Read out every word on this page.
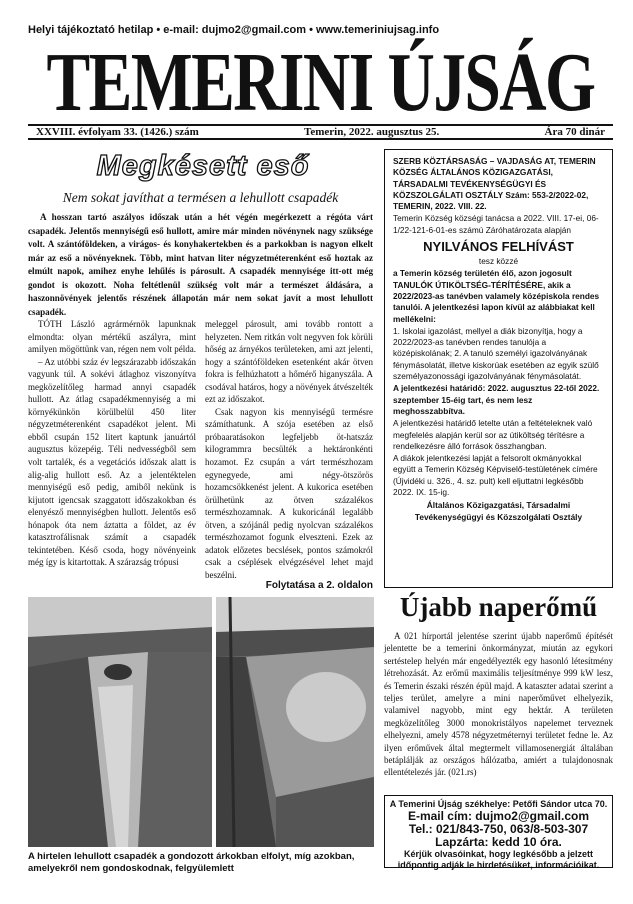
Helyi tájékoztató hetilap • e-mail: dujmo2@gmail.com • www.temeriniujsag.info
TEMERINI ÚJSÁG
XXVIII. évfolyam 33. (1426.) szám	Temerin, 2022. augusztus 25.	Ára 70 dinár
Megkésett eső
Nem sokat javíthat a termésen a lehullott csapadék
A hosszan tartó aszályos időszak után a hét végén megérkezett a régóta várt csapadék. Jelentős mennyiségű eső hullott, amire már minden növénynek nagy szüksége volt. A szántóföldeken, a virágos- és konyhakertekben és a parkokban is nagyon elkelt már az eső a növényeknek. Több, mint hatvan liter négyzetméterenként eső hoztak az elmúlt napok, amihez enyhe lehűlés is párosult. A csapadék mennyisége itt-ott még gondot is okozott. Noha feltétlenül szükség volt már a természet áldására, a haszonnövények jelentős részének állapotán már nem sokat javít a most lehullott csapadék.

TÓTH László agrármérnök lapunknak elmondta: olyan mértékű aszályra, mint amilyen mögöttünk van, régen nem volt példa.

– Az utóbbi száz év legszárazabb időszakán vagyunk túl. A sokévi átlaghoz viszonyítva megközelítőleg harmad annyi csapadék hullott. Az átlag csapadékmennyiség a mi környékünkön körülbelül 450 liter négyzetméterenként csapadékot jelent. Mi ebből csupán 152 litert kaptunk januártól augusztus közepéig. Téli nedvességből sem volt tartalék, és a vegetációs időszak alatt is alig-alig hullott eső. Az a jelentéktelen mennyiségű eső pedig, amiből nekünk is kijutott igencsak szaggatott időszakokban és elenyésző mennyiségben hullott. Jelentős eső hónapok óta nem áztatta a földet, az év katasztrofálisnak számít a csapadék tekintetében. Késő csoda, hogy növényeink még így is kitartottak. A szárazság trópusi

meleggel párosult, ami tovább rontott a helyzeten. Nem ritkán volt negyven fok körüli hőség az árnyékos területeken, ami azt jelenti, hogy a szántóföldeken esetenként akár ötven fokra is felhúzhatott a hőmérő higanyszála. A csodával határos, hogy a növények átvészelték ezt az időszakot.

Csak nagyon kis mennyiségű termésre számíthatunk. A szója esetében az első próbaaratásokon legfeljebb öt-hatszáz kilogrammra becsülték a hektáronkénti hozamot. Ez csupán a várt természhozam egynegyede, ami négy-ötszörös hozamcsökkenést jelent. A kukorica esetében örülhetünk az ötven százalékos természhozamnak. A kukoricánál legalább ötven, a szójánál pedig nyolcvan százalékos természhozamot fogunk elveszteni. Ezek az adatok előzetes becslések, pontos számokról csak a cséplések elvégzésével lehet majd beszélni.

Folytatása a 2. oldalon
A hirtelen lehullott csapadék a gondozott árkokban elfolyt, míg azokban, amelyekről nem gondoskodnak, felgyülemlett

SZERB KÖZTÁRSASÁG – VAJDASÁG AT, TEMERIN KÖZSÉG ÁLTALÁNOS KÖZIGAZGATÁSI, TÁRSADALMI TEVÉKENYSÉGÜGYI ÉS KÖZSZOLGÁLATI OSZTÁLY Szám: 553-2/2022-02, TEMERIN, 2022. VIII. 22.

Temerin Község községi tanácsa a 2022. VIII. 17-ei, 06-1/22-121-6-01-es számú Záróhatározata alapján

NYILVÁNOS FELHÍVÁST

tesz közzé

a Temerin község területén élő, azon jogosult TANULÓK ÚTIKÖLTSÉG-TÉRÍTÉSÉRE, akik a 2022/2023-as tanévben valamely középiskola rendes tanulói. A jelentkezési lapon kívül az alábbiakat kell mellékelni:

1. Iskolai igazolást, mellyel a diák bizonyítja, hogy a 2022/2023-as tanévben rendes tanulója a középiskolának; 2. A tanuló személyi igazolványának fénymásolatát, illetve kiskorúak esetében az egyik szülő személyazonossági igazolványának fénymásolatát.

A jelentkezési határidő: 2022. augusztus 22-től 2022. szeptember 15-éig tart, és nem lesz meghosszabbítva.

A jelentkezési határidő letelte után a feltételeknek való megfelelés alapján kerül sor az útiköltség térítésre a rendelkezésre álló források összhangban.

A diákok jelentkezési lapját a felsorolt okmányokkal együtt a Temerin Község Képviselő-testületének címére (Újvidéki u. 326., 4. sz. pult) kell eljuttatni legkésőbb 2022. IX. 15-ig.

Általános Közigazgatási, Társadalmi Tevékenységügyi és Közszolgálati Osztály

Újabb naperőmű
A 021 hírportál jelentése szerint újabb naperőmű építését jelentette be a temerini önkormányzat, miután az egykori sertéstelep helyén már engedélyezték egy hasonló létesítmény létrehozását. Az erőmű maximális teljesítménye 999 kW lesz, és Temerin északi részén épül majd. A kataszter adatai szerint a teljes terület, amelyre a mini naperőművet elhelyezik, valamivel nagyobb, mint egy hektár. A területen megközelítőleg 3000 monokristályos napelemet terveznek elhelyezni, amely 4578 négyzetméternyi területet fedne le. Az ilyen erőművek által megtermelt villamosenergiát általában betáplálják az országos hálózatba, amiért a tulajdonosnak ellentételezés jár. (021.rs)
A Temerini Újság székhelye: Petőfi Sándor utca 70.
E-mail cím: dujmo2@gmail.com
Tel.: 021/843-750, 063/8-503-307
Lapzárta: kedd 10 óra.
Kérjük olvasóinkat, hogy legkésőbb a jelzett időpontig adják le hirdetésüket, információikat.
